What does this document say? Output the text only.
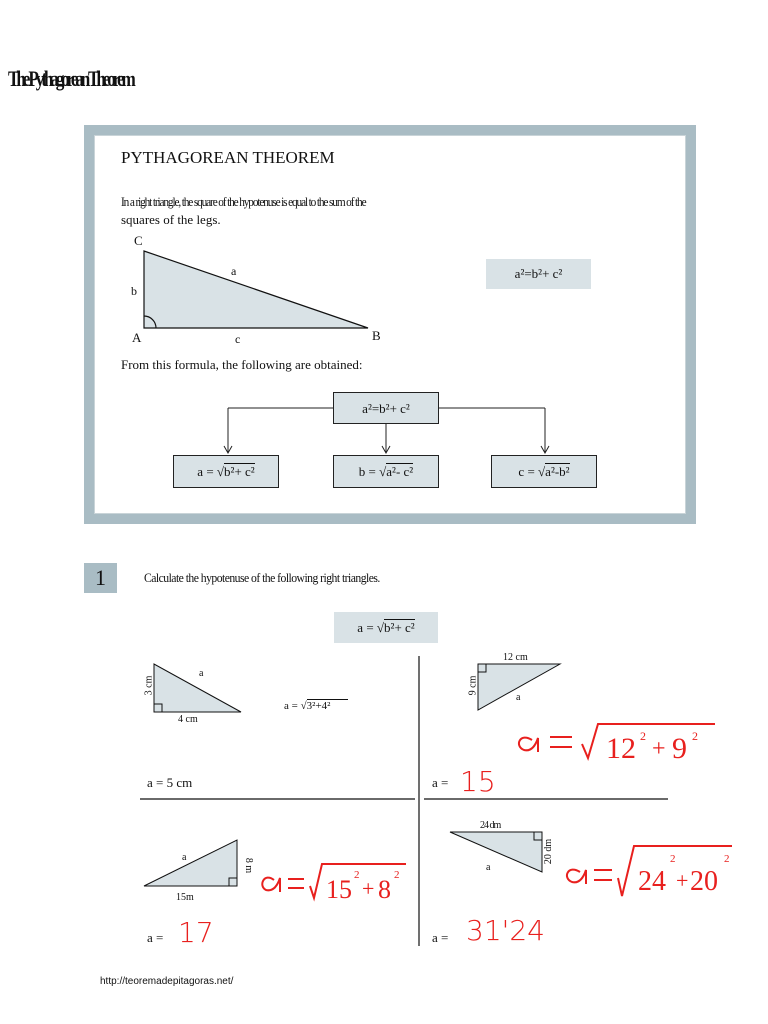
The Pythagorean Theorem
PYTHAGOREAN THEOREM
In a right triangle, the square of the hypotenuse is equal to the sum of the
squares of the legs.
C
A	B
b
a
c
a²=b²+ c²
From this formula, the following are obtained:
a²=b²+ c²
a = √b²+ c²	b = √a²- c²	c = √a²-b²
1	Calculate the hypotenuse of the following right triangles.
a = √b²+ c²
3 cm
4 cm
a
a = √3²+4²
a = 5 cm
12 cm
9 cm
a
12 2 + 9 2
a = 15
8 m
15m
a
15 2
+ 8 2
a = 17
24 dm
20 dm
a	24
2
+ 20
2
a = 31'24
http://teoremadepitagoras.net/
